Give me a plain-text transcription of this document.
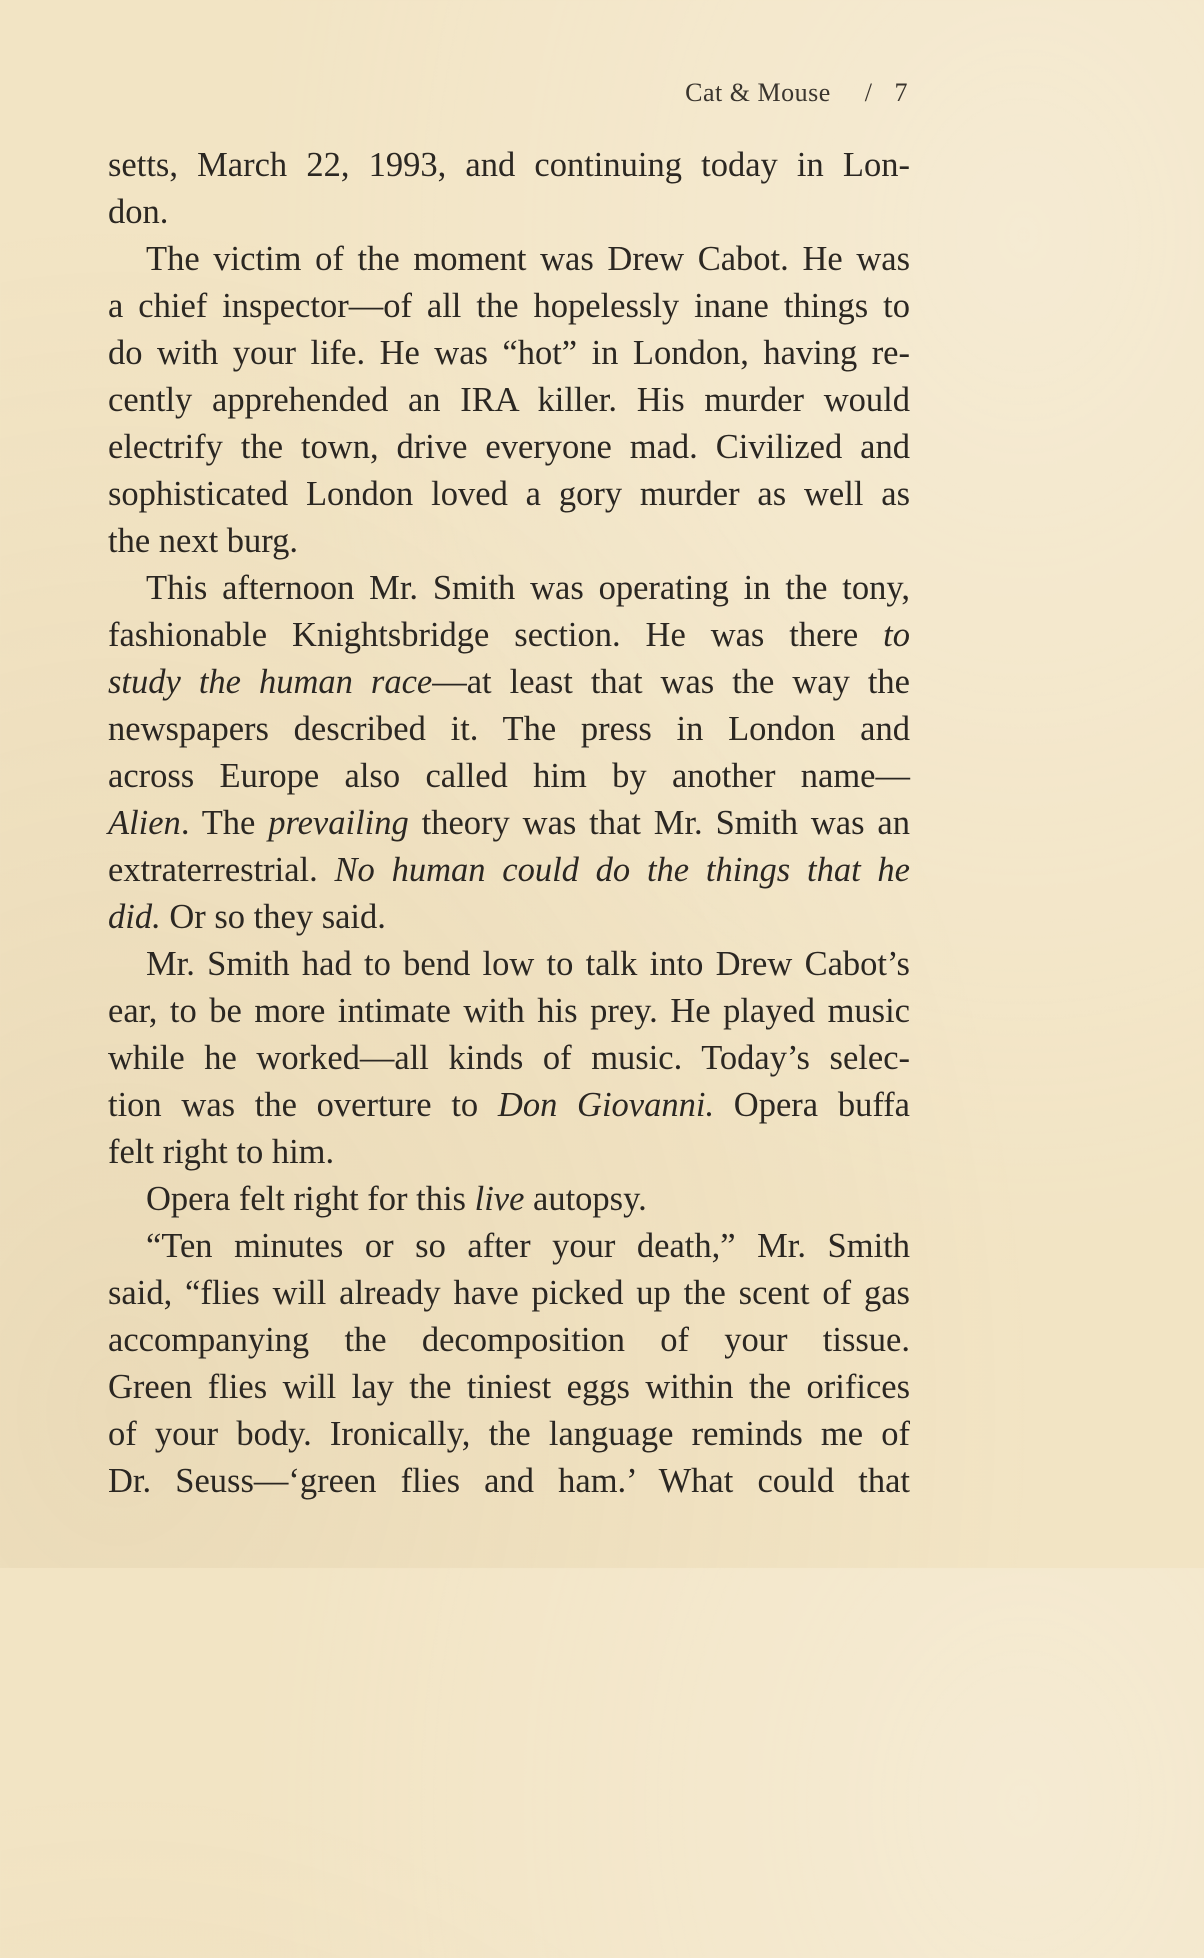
Cat & Mouse / 7
setts, March 22, 1993, and continuing today in Lon-
don.
The victim of the moment was Drew Cabot. He was
a chief inspector—of all the hopelessly inane things to
do with your life. He was “hot” in London, having re-
cently apprehended an IRA killer. His murder would
electrify the town, drive everyone mad. Civilized and
sophisticated London loved a gory murder as well as
the next burg.
This afternoon Mr. Smith was operating in the tony,
fashionable Knightsbridge section. He was there to
study the human race—at least that was the way the
newspapers described it. The press in London and
across Europe also called him by another name—
Alien. The prevailing theory was that Mr. Smith was an
extraterrestrial. No human could do the things that he
did. Or so they said.
Mr. Smith had to bend low to talk into Drew Cabot’s
ear, to be more intimate with his prey. He played music
while he worked—all kinds of music. Today’s selec-
tion was the overture to Don Giovanni. Opera buffa
felt right to him.
Opera felt right for this live autopsy.
“Ten minutes or so after your death,” Mr. Smith
said, “flies will already have picked up the scent of gas
accompanying the decomposition of your tissue.
Green flies will lay the tiniest eggs within the orifices
of your body. Ironically, the language reminds me of
Dr. Seuss—‘green flies and ham.’ What could that
